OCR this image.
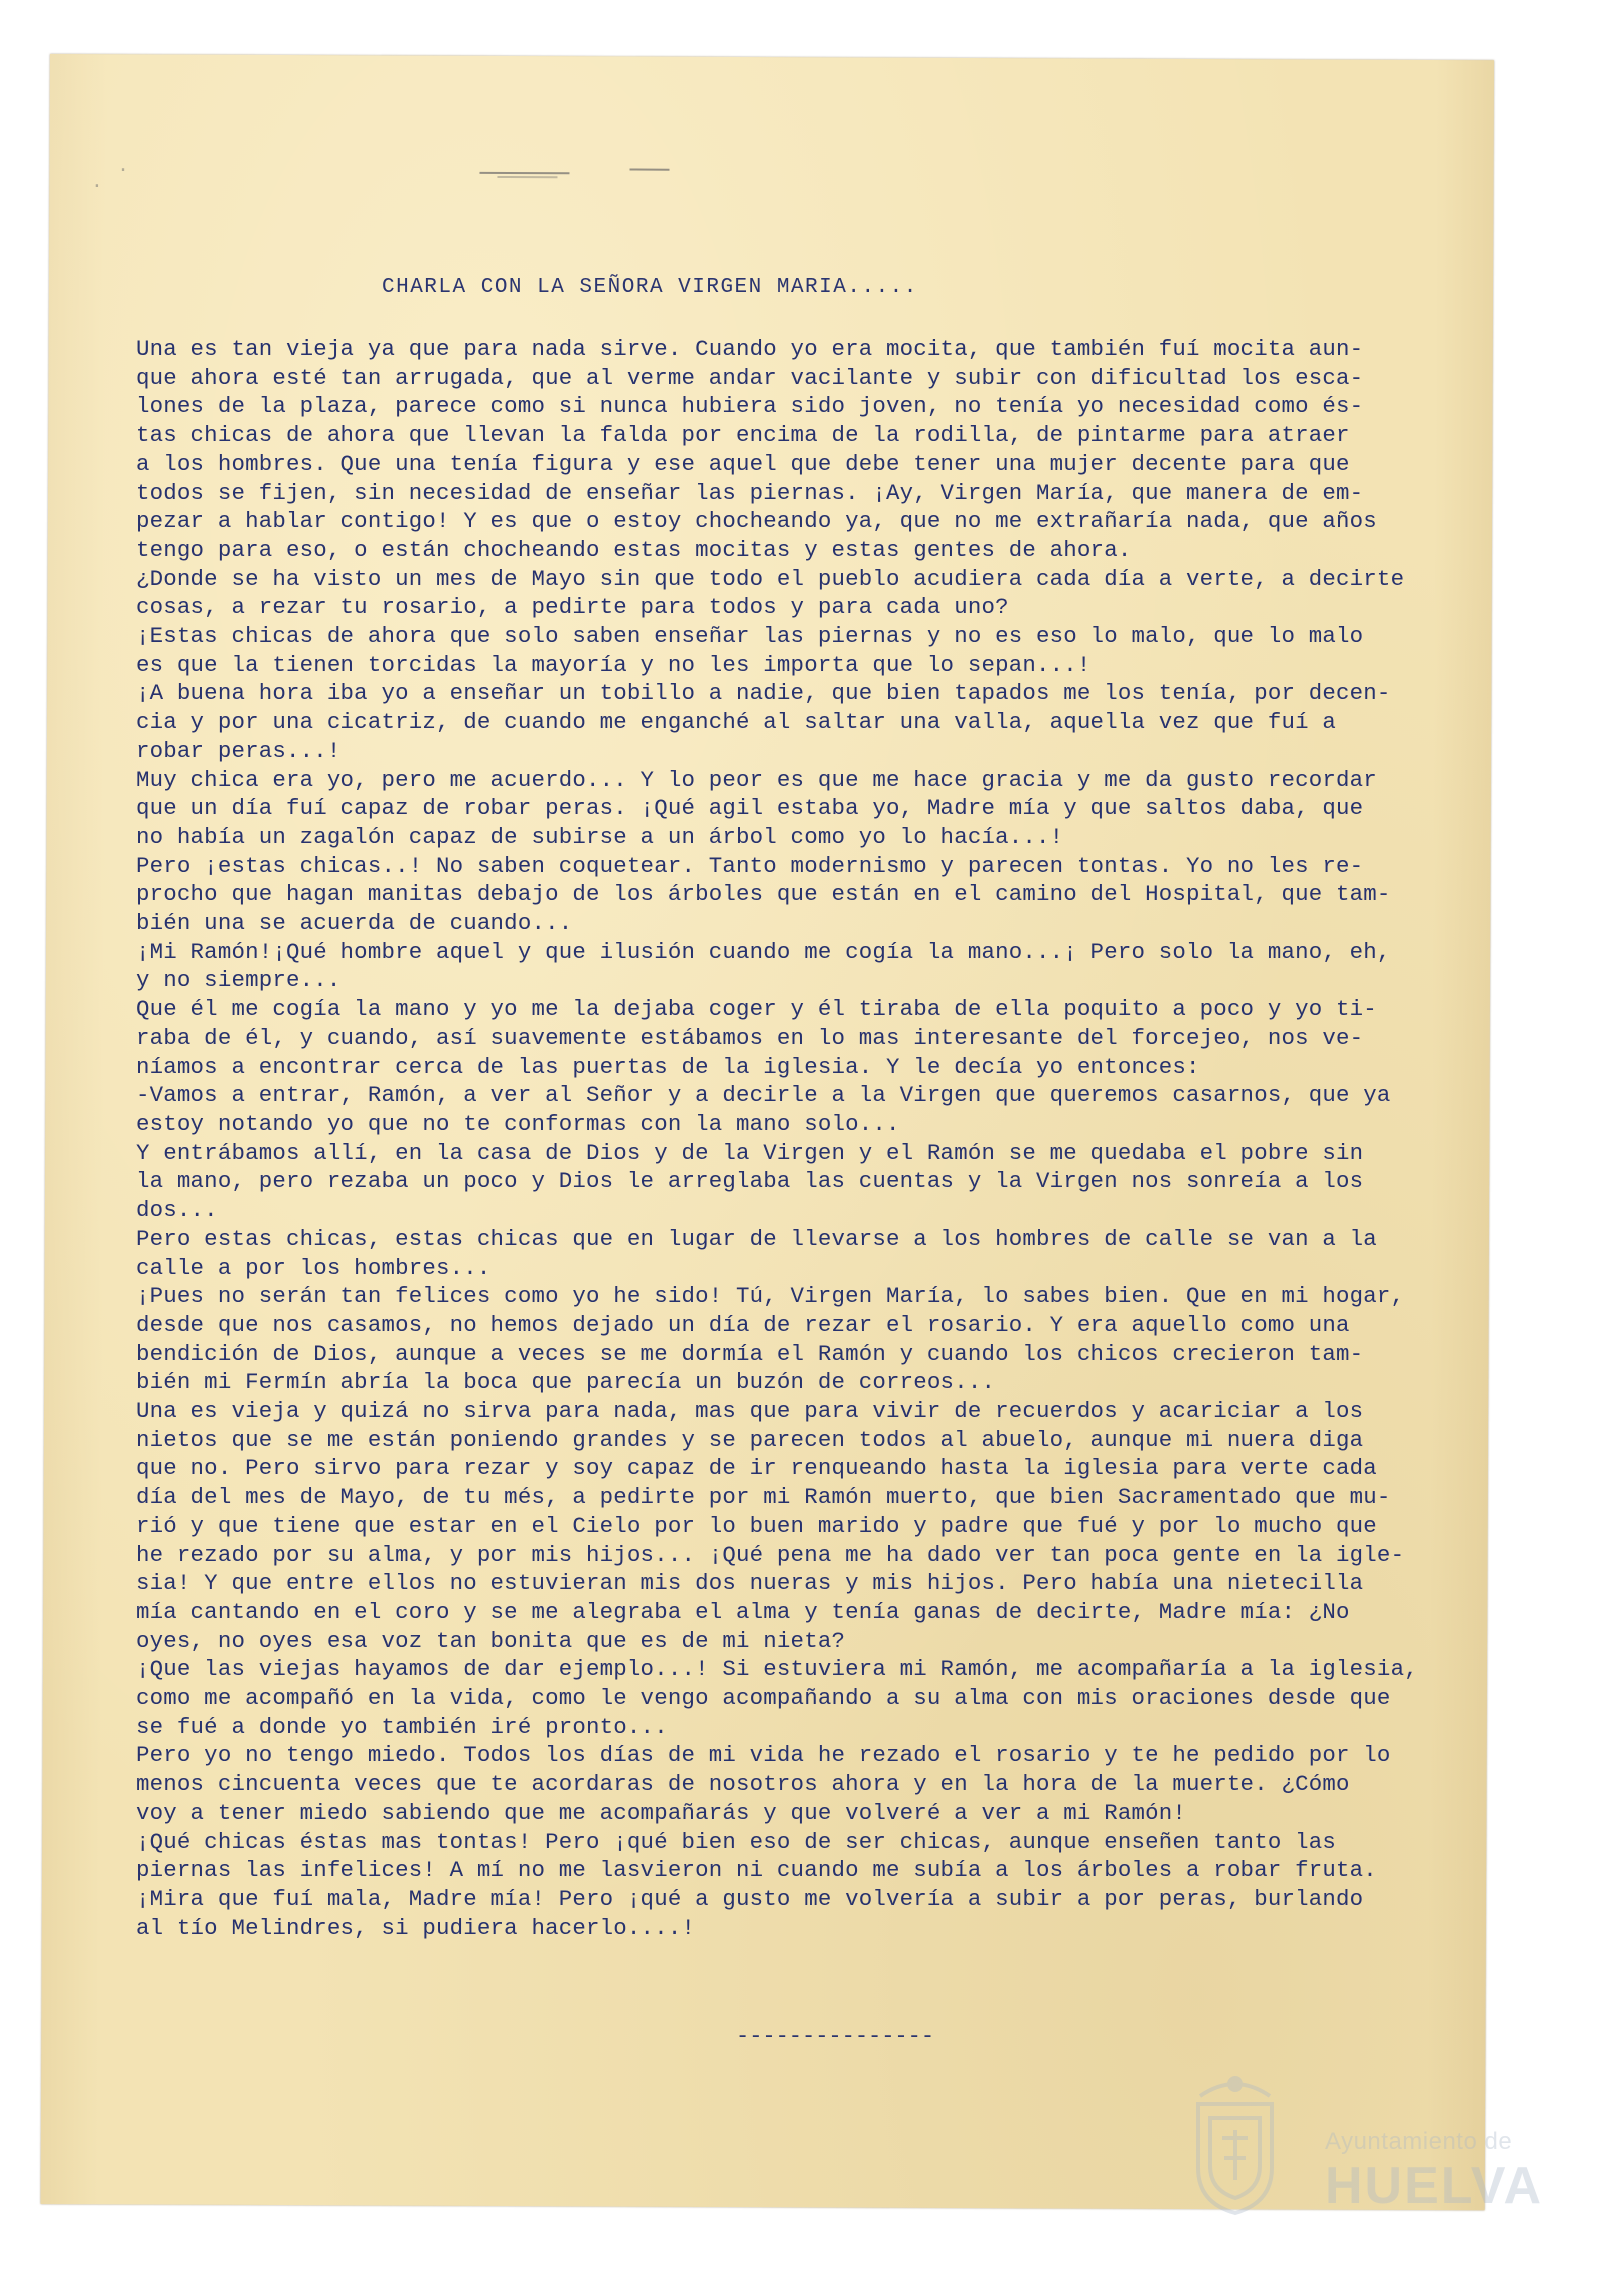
·
·
CHARLA CON LA SEÑORA VIRGEN MARIA.....
Una es tan vieja ya que para nada sirve. Cuando yo era mocita, que también fuí mocita aun-
que ahora esté tan arrugada, que al verme andar vacilante y subir con dificultad los esca-
lones de la plaza, parece como si nunca hubiera sido joven, no tenía yo necesidad como és-
tas chicas de ahora que llevan la falda por encima de la rodilla, de pintarme para atraer
a los hombres. Que una tenía figura y ese aquel que debe tener una mujer decente para que
todos se fijen, sin necesidad de enseñar las piernas. ¡Ay, Virgen María, que manera de em-
pezar a hablar contigo! Y es que o estoy chocheando ya, que no me extrañaría nada, que años
tengo para eso, o están chocheando estas mocitas y estas gentes de ahora.
¿Donde se ha visto un mes de Mayo sin que todo el pueblo acudiera cada día a verte, a decirte
cosas, a rezar tu rosario, a pedirte para todos y para cada uno?
¡Estas chicas de ahora que solo saben enseñar las piernas y no es eso lo malo, que lo malo
es que la tienen torcidas la mayoría y no les importa que lo sepan...!
¡A buena hora iba yo a enseñar un tobillo a nadie, que bien tapados me los tenía, por decen-
cia y por una cicatriz, de cuando me enganché al saltar una valla, aquella vez que fuí a
robar peras...!
Muy chica era yo, pero me acuerdo... Y lo peor es que me hace gracia y me da gusto recordar
que un día fuí capaz de robar peras. ¡Qué agil estaba yo, Madre mía y que saltos daba, que
no había un zagalón capaz de subirse a un árbol como yo lo hacía...!
Pero ¡estas chicas..! No saben coquetear. Tanto modernismo y parecen tontas. Yo no les re-
procho que hagan manitas debajo de los árboles que están en el camino del Hospital, que tam-
bién una se acuerda de cuando...
¡Mi Ramón!¡Qué hombre aquel y que ilusión cuando me cogía la mano...¡ Pero solo la mano, eh,
y no siempre...
Que él me cogía la mano y yo me la dejaba coger y él tiraba de ella poquito a poco y yo ti-
raba de él, y cuando, así suavemente estábamos en lo mas interesante del forcejeo, nos ve-
níamos a encontrar cerca de las puertas de la iglesia. Y le decía yo entonces:
-Vamos a entrar, Ramón, a ver al Señor y a decirle a la Virgen que queremos casarnos, que ya
estoy notando yo que no te conformas con la mano solo...
Y entrábamos allí, en la casa de Dios y de la Virgen y el Ramón se me quedaba el pobre sin
la mano, pero rezaba un poco y Dios le arreglaba las cuentas y la Virgen nos sonreía a los
dos...
Pero estas chicas, estas chicas que en lugar de llevarse a los hombres de calle se van a la
calle a por los hombres...
¡Pues no serán tan felices como yo he sido! Tú, Virgen María, lo sabes bien. Que en mi hogar,
desde que nos casamos, no hemos dejado un día de rezar el rosario. Y era aquello como una
bendición de Dios, aunque a veces se me dormía el Ramón y cuando los chicos crecieron tam-
bién mi Fermín abría la boca que parecía un buzón de correos...
Una es vieja y quizá no sirva para nada, mas que para vivir de recuerdos y acariciar a los
nietos que se me están poniendo grandes y se parecen todos al abuelo, aunque mi nuera diga
que no. Pero sirvo para rezar y soy capaz de ir renqueando hasta la iglesia para verte cada
día del mes de Mayo, de tu més, a pedirte por mi Ramón muerto, que bien Sacramentado que mu-
rió y que tiene que estar en el Cielo por lo buen marido y padre que fué y por lo mucho que
he rezado por su alma, y por mis hijos... ¡Qué pena me ha dado ver tan poca gente en la igle-
sia! Y que entre ellos no estuvieran mis dos nueras y mis hijos. Pero había una nietecilla
mía cantando en el coro y se me alegraba el alma y tenía ganas de decirte, Madre mía: ¿No
oyes, no oyes esa voz tan bonita que es de mi nieta?
¡Que las viejas hayamos de dar ejemplo...! Si estuviera mi Ramón, me acompañaría a la iglesia,
como me acompañó en la vida, como le vengo acompañando a su alma con mis oraciones desde que
se fué a donde yo también iré pronto...
Pero yo no tengo miedo. Todos los días de mi vida he rezado el rosario y te he pedido por lo
menos cincuenta veces que te acordaras de nosotros ahora y en la hora de la muerte. ¿Cómo
voy a tener miedo sabiendo que me acompañarás y que volveré a ver a mi Ramón!
¡Qué chicas éstas mas tontas! Pero ¡qué bien eso de ser chicas, aunque enseñen tanto las
piernas las infelices! A mí no me lasvieron ni cuando me subía a los árboles a robar fruta.
¡Mira que fuí mala, Madre mía! Pero ¡qué a gusto me volvería a subir a por peras, burlando
al tío Melindres, si pudiera hacerlo....!
---------------
Ayuntamiento de
HUELVA
